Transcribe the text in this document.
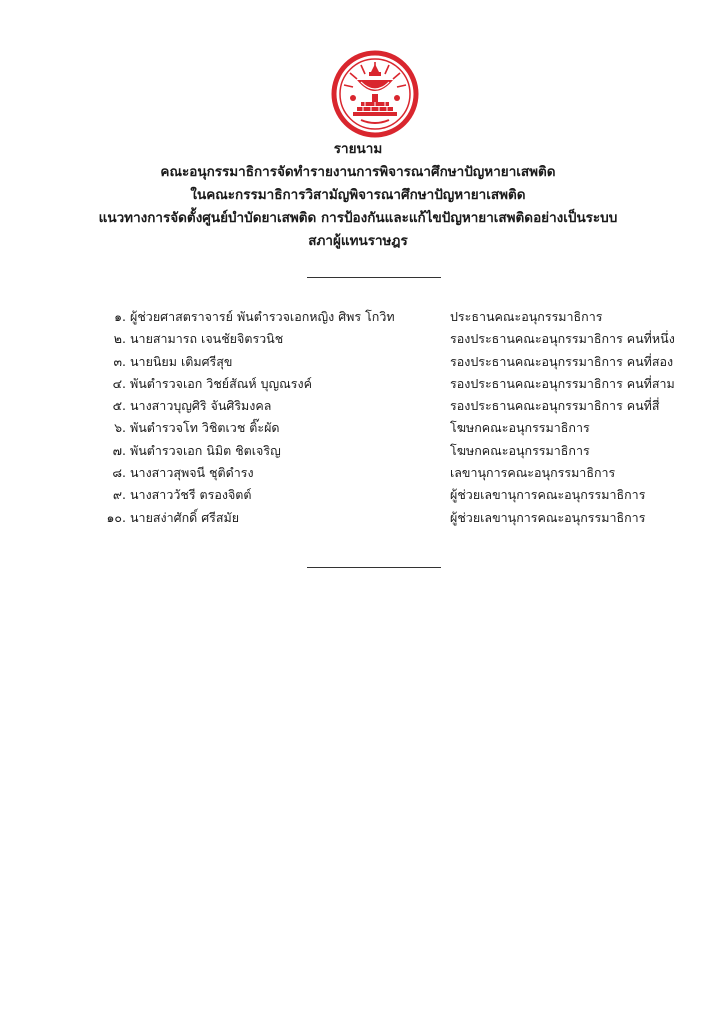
รายนาม
คณะอนุกรรมาธิการจัดทำรายงานการพิจารณาศึกษาปัญหายาเสพติด
ในคณะกรรมาธิการวิสามัญพิจารณาศึกษาปัญหายาเสพติด
แนวทางการจัดตั้งศูนย์บำบัดยาเสพติด การป้องกันและแก้ไขปัญหายาเสพติดอย่างเป็นระบบ
สภาผู้แทนราษฎร
๑. ผู้ช่วยศาสตราจารย์ พันตำรวจเอกหญิง ศิพร โกวิท	ประธานคณะอนุกรรมาธิการ
๒. นายสามารถ เจนชัยจิตรวนิช	รองประธานคณะอนุกรรมาธิการ คนที่หนึ่ง
๓. นายนิยม เติมศรีสุข	รองประธานคณะอนุกรรมาธิการ คนที่สอง
๔. พันตำรวจเอก วิชย์สัณห์ บุญณรงค์	รองประธานคณะอนุกรรมาธิการ คนที่สาม
๕. นางสาวบุญศิริ จันศิริมงคล	รองประธานคณะอนุกรรมาธิการ คนที่สี่
๖. พันตำรวจโท วิชิตเวช ติ๊ะผัด	โฆษกคณะอนุกรรมาธิการ
๗. พันตำรวจเอก นิมิต ชิตเจริญ	โฆษกคณะอนุกรรมาธิการ
๘. นางสาวสุพจนี ชุติดำรง	เลขานุการคณะอนุกรรมาธิการ
๙. นางสาววัชรี ตรองจิตต์	ผู้ช่วยเลขานุการคณะอนุกรรมาธิการ
๑๐. นายสง่าศักดิ์ ศรีสมัย	ผู้ช่วยเลขานุการคณะอนุกรรมาธิการ
